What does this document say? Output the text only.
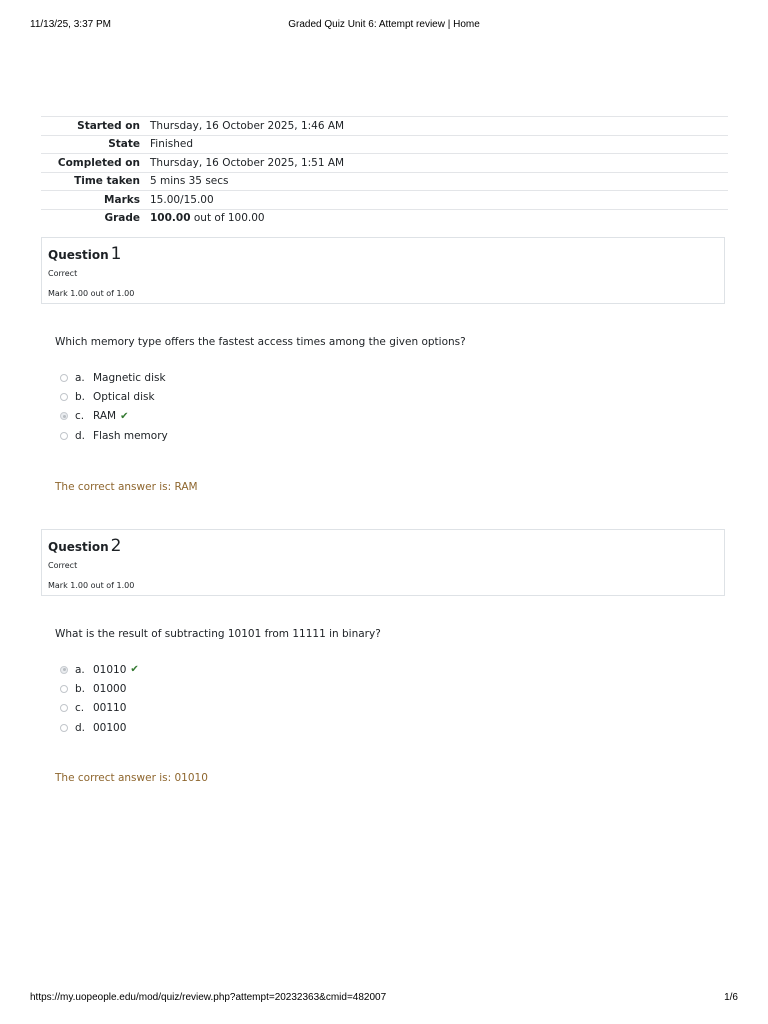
11/13/25, 3:37 PM	Graded Quiz Unit 6: Attempt review | Home
Started on	Thursday, 16 October 2025, 1:46 AM
State	Finished
Completed on	Thursday, 16 October 2025, 1:51 AM
Time taken	5 mins 35 secs
Marks	15.00/15.00
Grade	100.00 out of 100.00
Question 1
Correct
Mark 1.00 out of 1.00
Which memory type offers the fastest access times among the given options?
a. Magnetic disk
b. Optical disk
c. RAM ✔
d. Flash memory
The correct answer is: RAM
Question 2
Correct
Mark 1.00 out of 1.00
What is the result of subtracting 10101 from 11111 in binary?
a. 01010 ✔
b. 01000
c. 00110
d. 00100
The correct answer is: 01010
https://my.uopeople.edu/mod/quiz/review.php?attempt=20232363&cmid=482007	1/6
